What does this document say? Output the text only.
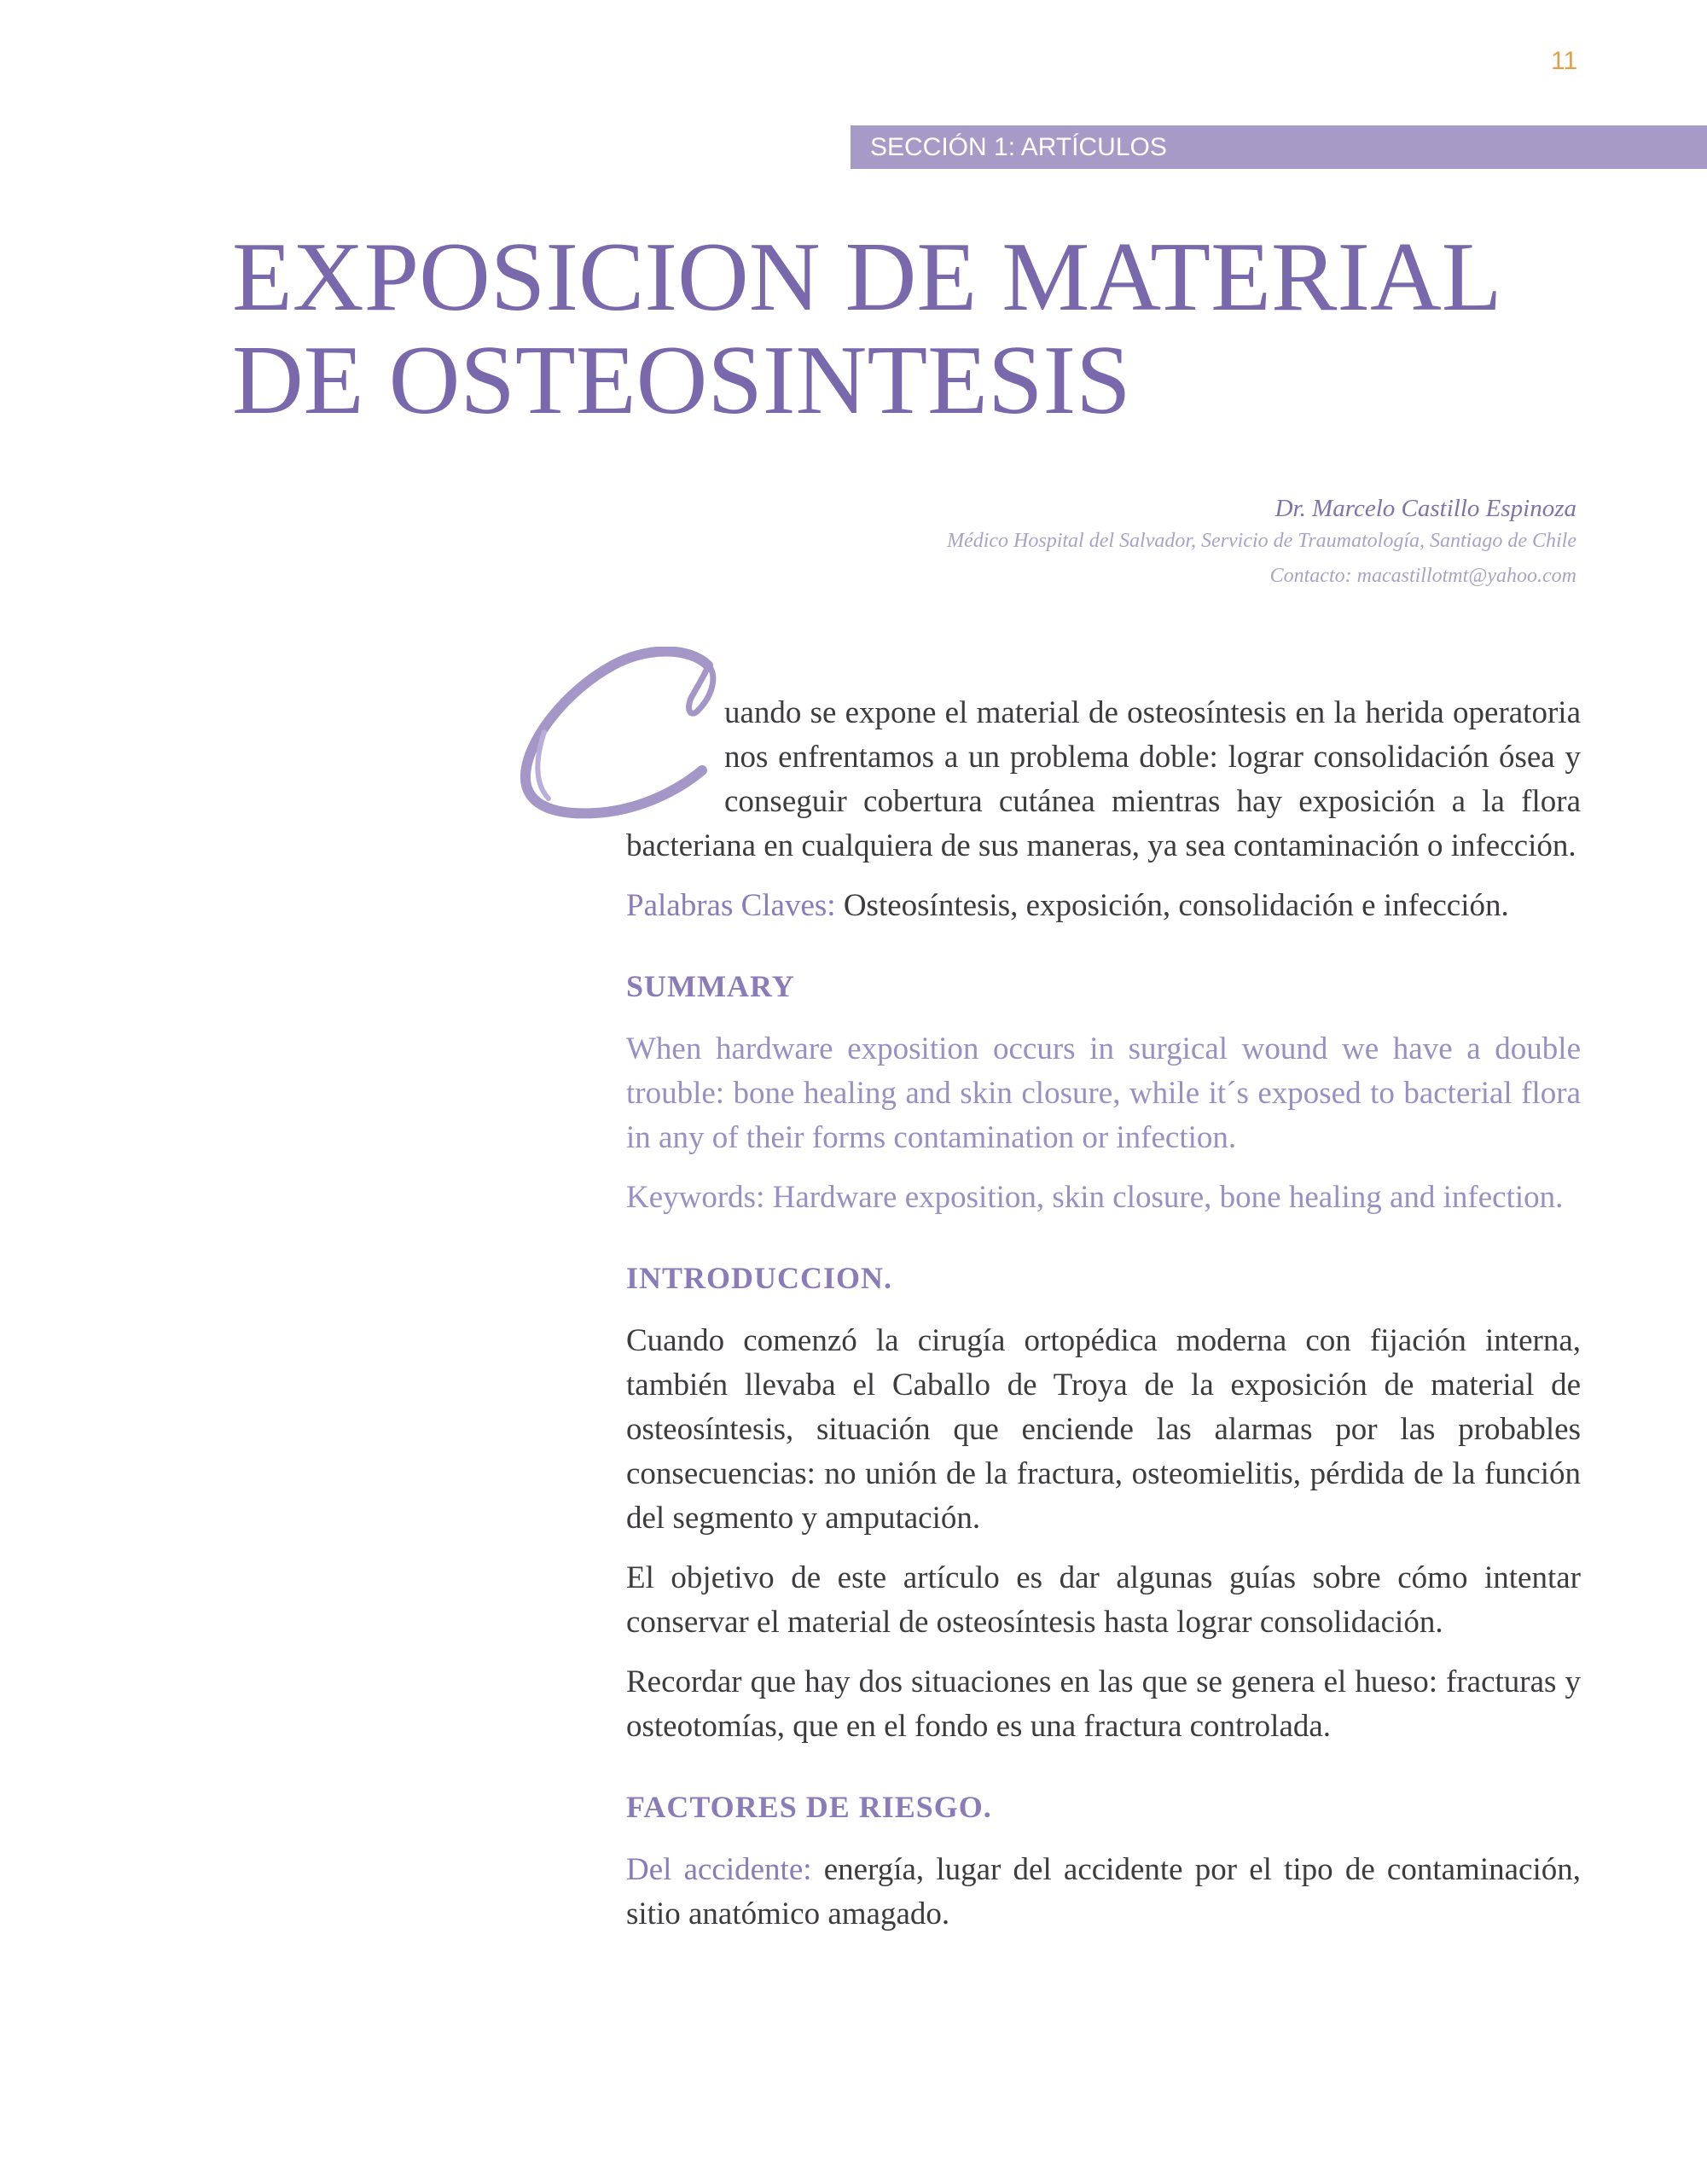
11
SECCIÓN 1: ARTÍCULOS
EXPOSICION DE MATERIAL
DE OSTEOSINTESIS
Dr. Marcelo Castillo Espinoza
Médico Hospital del Salvador, Servicio de Traumatología, Santiago de Chile
Contacto: macastillotmt@yahoo.com

uando se expone el material de osteosíntesis en la herida operatoria nos enfrentamos a un problema doble: lograr consolidación ósea y conseguir cobertura cutánea mientras hay exposición a la flora bacteriana en cualquiera de sus maneras, ya sea contaminación o infección.

Palabras Claves: Osteosíntesis, exposición, consolidación e infección.

SUMMARY

When hardware exposition occurs in surgical wound we have a double trouble: bone healing and skin closure, while it´s exposed to bacterial flora in any of their forms contamination or infection.

Keywords: Hardware exposition, skin closure, bone healing and infection.

INTRODUCCION.

Cuando comenzó la cirugía ortopédica moderna con fijación interna, también llevaba el Caballo de Troya de la exposición de material de osteosíntesis, situación que enciende las alarmas por las probables consecuencias: no unión de la fractura, osteomielitis, pérdida de la función del segmento y amputación.

El objetivo de este artículo es dar algunas guías sobre cómo intentar conservar el material de osteosíntesis hasta lograr consolidación.

Recordar que hay dos situaciones en las que se genera el hueso: fracturas y osteotomías, que en el fondo es una fractura controlada.

FACTORES DE RIESGO.

Del accidente: energía, lugar del accidente por el tipo de contaminación, sitio anatómico amagado.
